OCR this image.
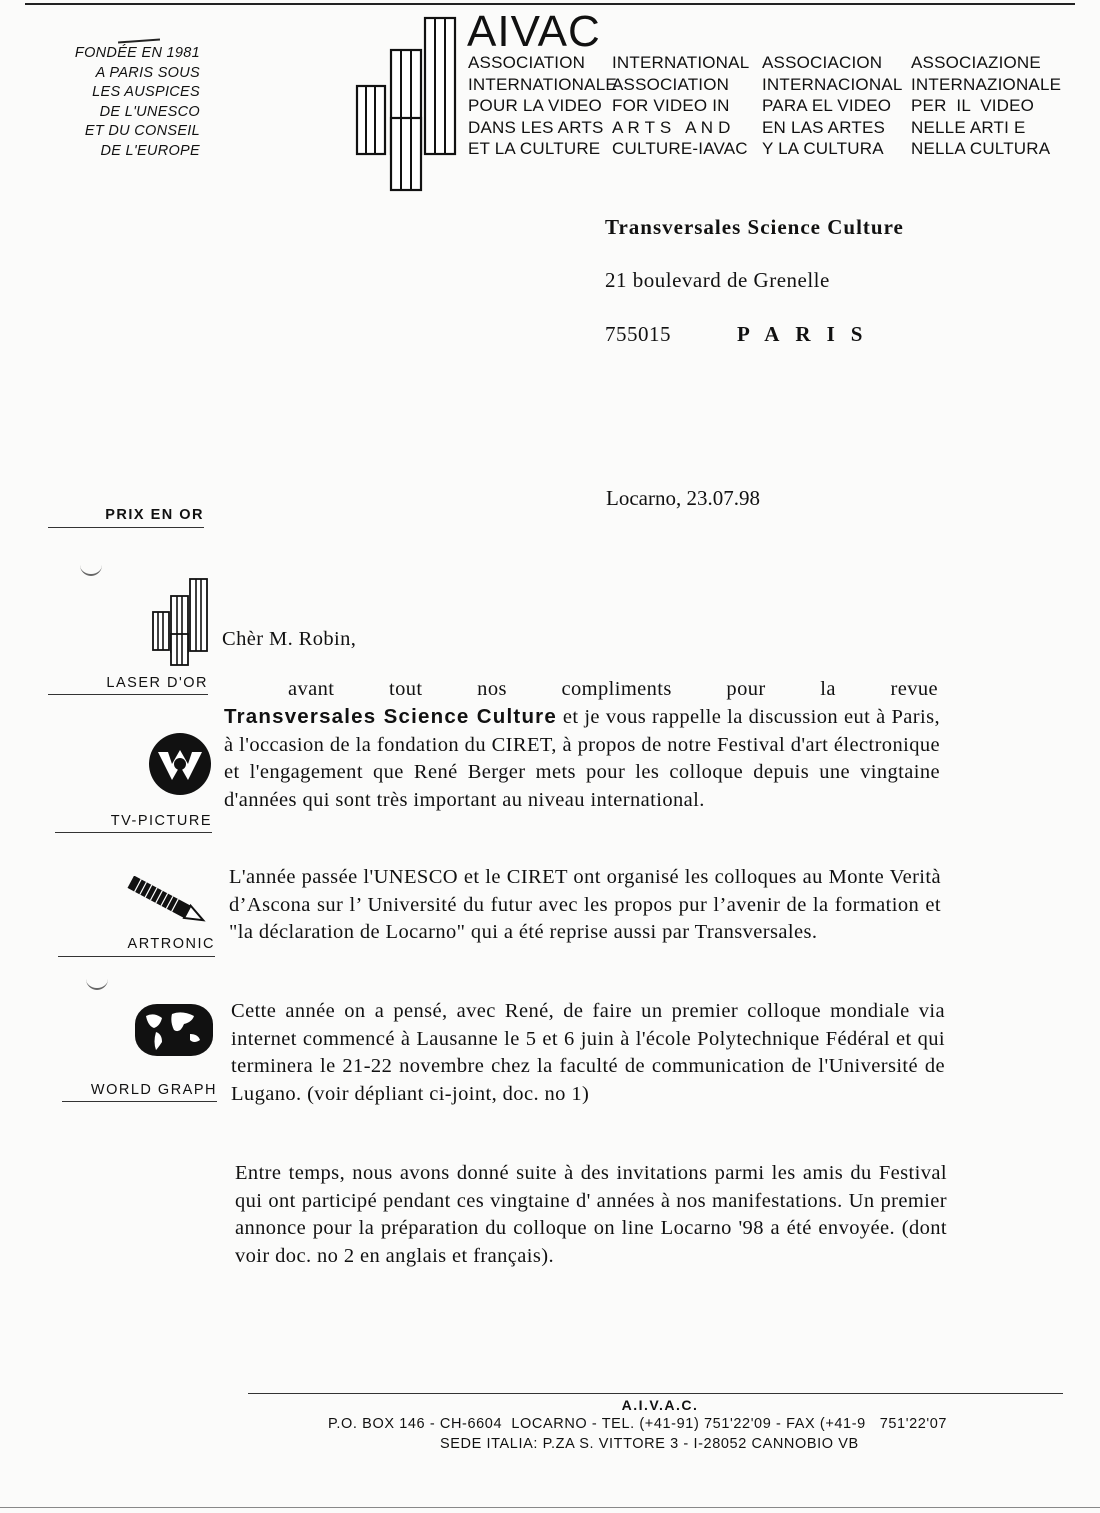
FONDÉE EN 1981
A PARIS SOUS
LES AUSPICES
DE L'UNESCO
ET DU CONSEIL
DE L'EUROPE
AIVAC
ASSOCIATION
INTERNATIONALE
POUR LA VIDEO
DANS LES ARTS
ET LA CULTURE
INTERNATIONAL
ASSOCIATION
FOR VIDEO IN
A R T S   A N D
CULTURE-IAVAC
ASSOCIACION
INTERNACIONAL
PARA EL VIDEO
EN LAS ARTES
Y LA CULTURA
ASSOCIAZIONE
INTERNAZIONALE
PER  IL  VIDEO
NELLE ARTI E
NELLA CULTURA
Transversales Science Culture
21 boulevard de Grenelle
755015	PARIS
Locarno, 23.07.98
PRIX EN OR
LASER D'OR
TV-PICTURE
ARTRONIC
WORLD GRAPH
Chèr M. Robin,
avant tout nos compliments pour la revue
Transversales Science Culture et je vous rappelle la discussion eut à Paris, à l'occasion de la fondation du CIRET, à propos de notre Festival d'art électronique et l'engagement que René Berger mets pour les colloque depuis une vingtaine d'années qui sont très important au niveau international.
L'année passée l'UNESCO et le CIRET ont organisé les colloques au Monte Verità d’Ascona sur l’ Université du futur avec les propos pur l’avenir de la formation et "la déclaration de Locarno" qui a été reprise aussi par Transversales.
Cette année on a pensé, avec René, de faire un premier colloque mondiale via internet commencé à Lausanne le 5 et 6 juin à l'école Polytechnique Fédéral et qui terminera le 21-22 novembre chez la faculté de communication de l'Université de Lugano. (voir dépliant ci-joint, doc. no 1)
Entre temps, nous avons donné suite à des invitations parmi les amis du Festival qui ont participé pendant ces vingtaine d' années à nos manifestations. Un premier annonce pour la préparation du colloque on line Locarno '98 a été envoyée. (dont voir doc. no 2 en anglais et français).
A.I.V.A.C.
P.O. BOX 146 - CH-6604  LOCARNO - TEL. (+41-91) 751'22'09 - FAX (+41-9   751'22'07
SEDE ITALIA: P.ZA S. VITTORE 3 - I-28052 CANNOBIO VB
